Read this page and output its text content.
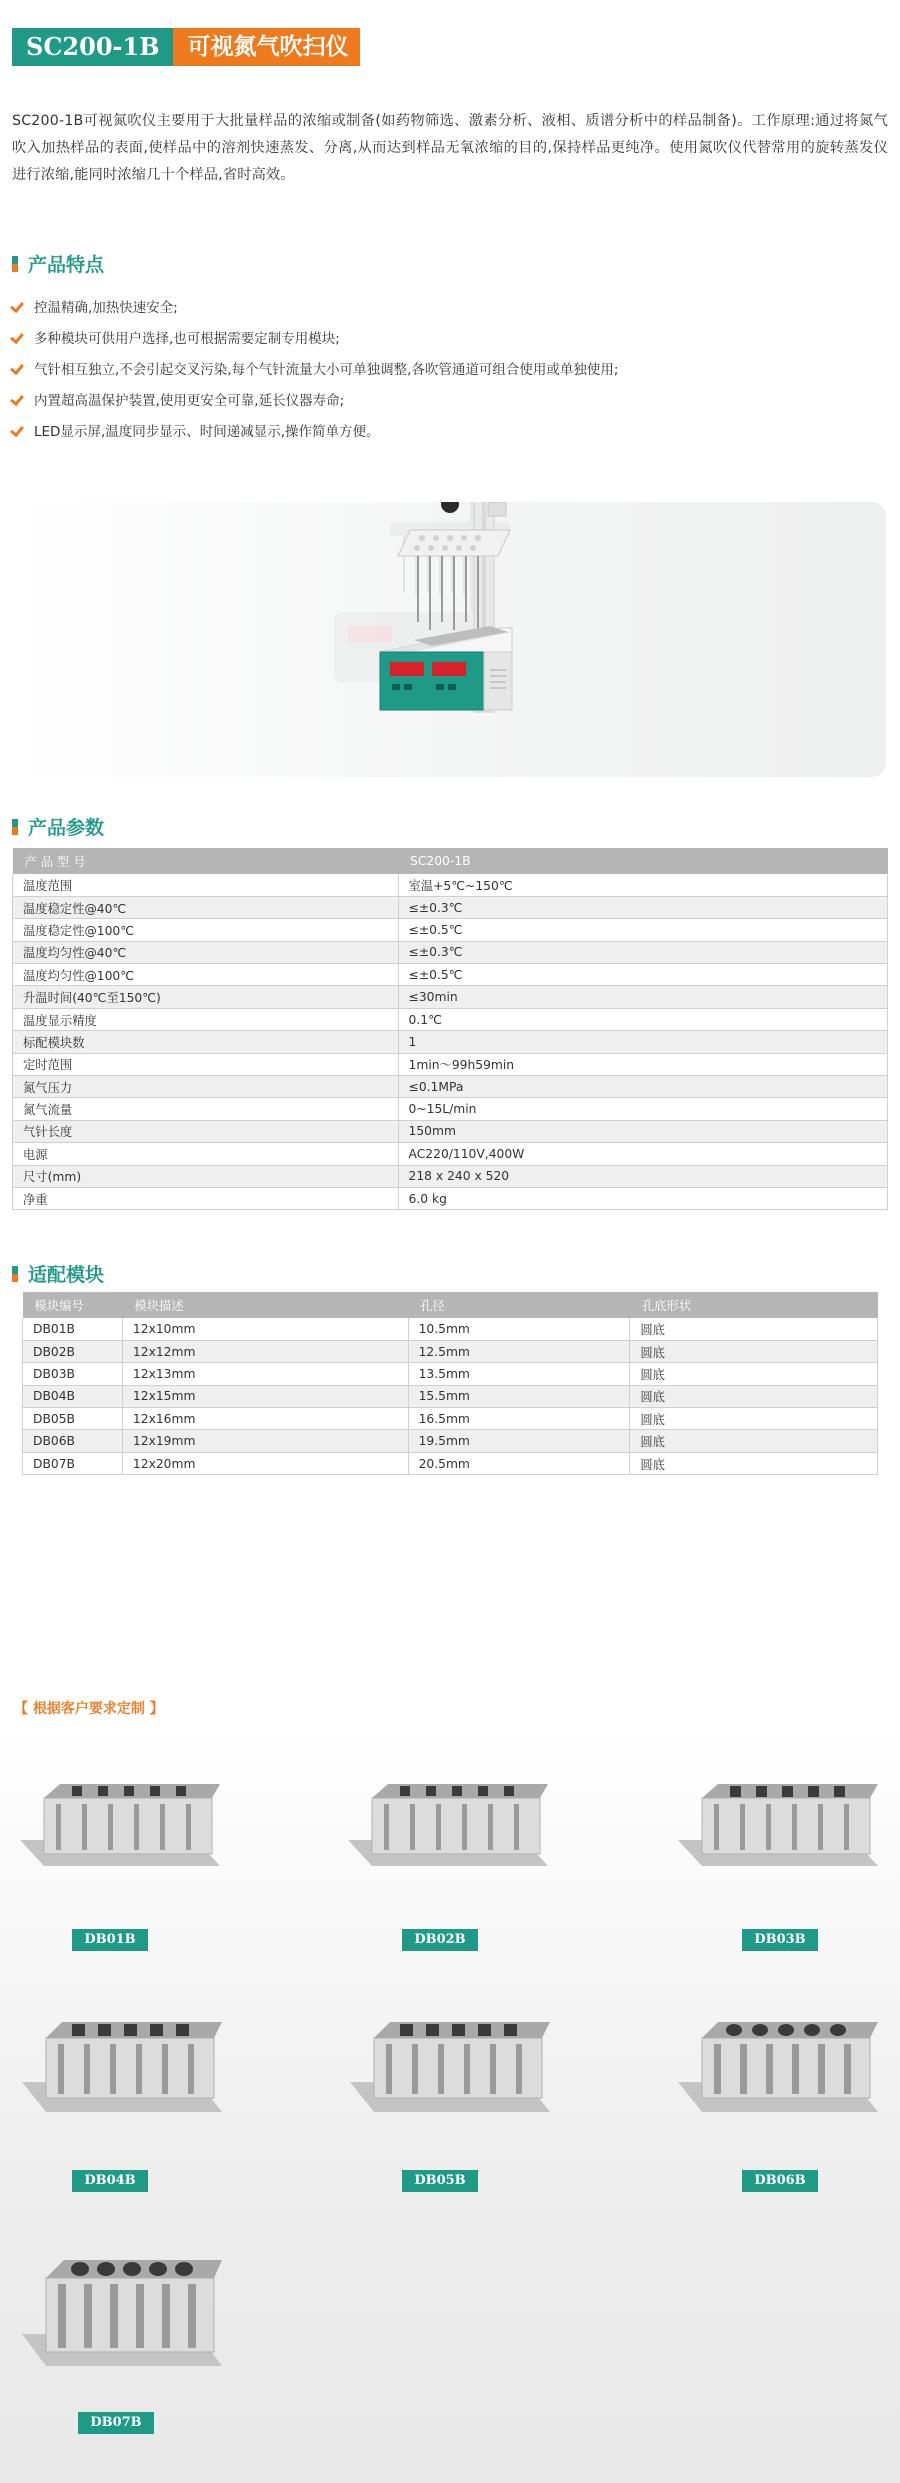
SC200-1B	可视氮气吹扫仪

SC200-1B可视氮吹仪主要用于大批量样品的浓缩或制备(如药物筛选、激素分析、液相、质谱分析中的样品制备)。工作原理:通过将氮气吹入加热样品的表面,使样品中的溶剂快速蒸发、分离,从而达到样品无氧浓缩的目的,保持样品更纯净。使用氮吹仪代替常用的旋转蒸发仪进行浓缩,能同时浓缩几十个样品,省时高效。

产品特点
控温精确,加热快速安全;
多种模块可供用户选择,也可根据需要定制专用模块;
气针相互独立,不会引起交叉污染,每个气针流量大小可单独调整,各吹管通道可组合使用或单独使用;
内置超高温保护装置,使用更安全可靠,延长仪器寿命;
LED显示屏,温度同步显示、时间递减显示,操作简单方便。
产品参数
产 品 型 号	SC200-1B
温度范围	室温+5℃~150℃
温度稳定性@40℃	≤±0.3℃
温度稳定性@100℃	≤±0.5℃
温度均匀性@40℃	≤±0.3℃
温度均匀性@100℃	≤±0.5℃
升温时间(40℃至150℃)	≤30min
温度显示精度	0.1℃
标配模块数	1
定时范围	1min～99h59min
氮气压力	≤0.1MPa
氮气流量	0~15L/min
气针长度	150mm
电源	AC220/110V,400W
尺寸(mm)	218 x 240 x 520
净重	6.0 kg
适配模块
模块编号	模块描述	孔径	孔底形状
DB01B	12x10mm	10.5mm	圆底
DB02B	12x12mm	12.5mm	圆底
DB03B	12x13mm	13.5mm	圆底
DB04B	12x15mm	15.5mm	圆底
DB05B	12x16mm	16.5mm	圆底
DB06B	12x19mm	19.5mm	圆底
DB07B	12x20mm	20.5mm	圆底
【 根据客户要求定制 】
DB01B	DB02B	DB03B
DB04B	DB05B	DB06B
DB07B
